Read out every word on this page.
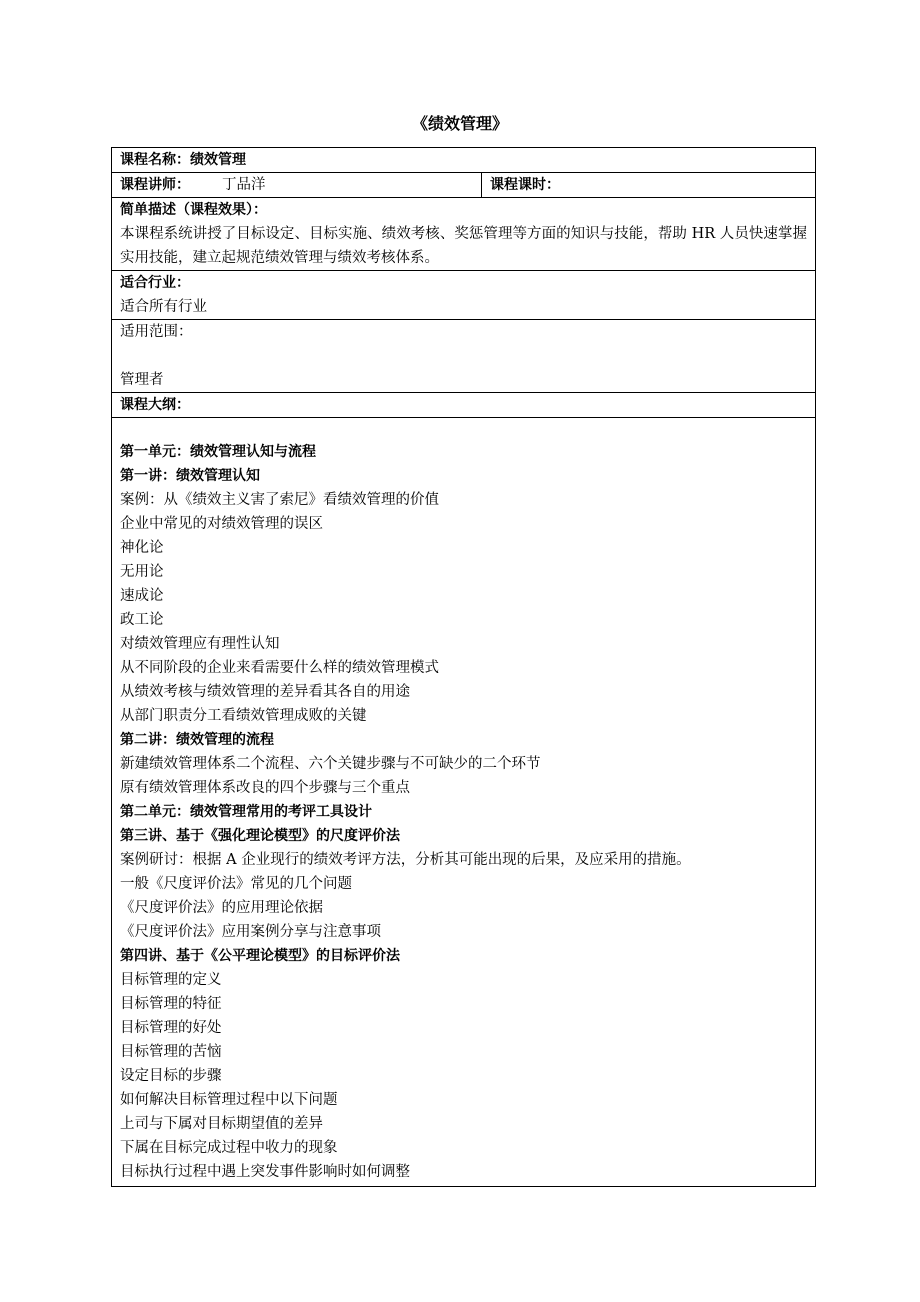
《绩效管理》
课程名称：绩效管理
课程讲师： 丁品洋	课程课时：

简单描述（课程效果）：
本课程系统讲授了目标设定、目标实施、绩效考核、奖惩管理等方面的知识与技能，帮助 HR 人员快速掌握实用技能，建立起规范绩效管理与绩效考核体系。

适合行业：
适合所有行业

适用范围：
管理者

课程大纲：

第一单元：绩效管理认知与流程
第一讲：绩效管理认知
案例：从《绩效主义害了索尼》看绩效管理的价值
企业中常见的对绩效管理的误区
神化论
无用论
速成论
政工论
对绩效管理应有理性认知
从不同阶段的企业来看需要什么样的绩效管理模式
从绩效考核与绩效管理的差异看其各自的用途
从部门职责分工看绩效管理成败的关键
第二讲：绩效管理的流程
新建绩效管理体系二个流程、六个关键步骤与不可缺少的二个环节
原有绩效管理体系改良的四个步骤与三个重点
第二单元：绩效管理常用的考评工具设计
第三讲、基于《强化理论模型》的尺度评价法
案例研讨：根据 A 企业现行的绩效考评方法，分析其可能出现的后果，及应采用的措施。
一般《尺度评价法》常见的几个问题
《尺度评价法》的应用理论依据
《尺度评价法》应用案例分享与注意事项
第四讲、基于《公平理论模型》的目标评价法
目标管理的定义
目标管理的特征
目标管理的好处
目标管理的苦恼
设定目标的步骤
如何解决目标管理过程中以下问题
上司与下属对目标期望值的差异
下属在目标完成过程中收力的现象
目标执行过程中遇上突发事件影响时如何调整
